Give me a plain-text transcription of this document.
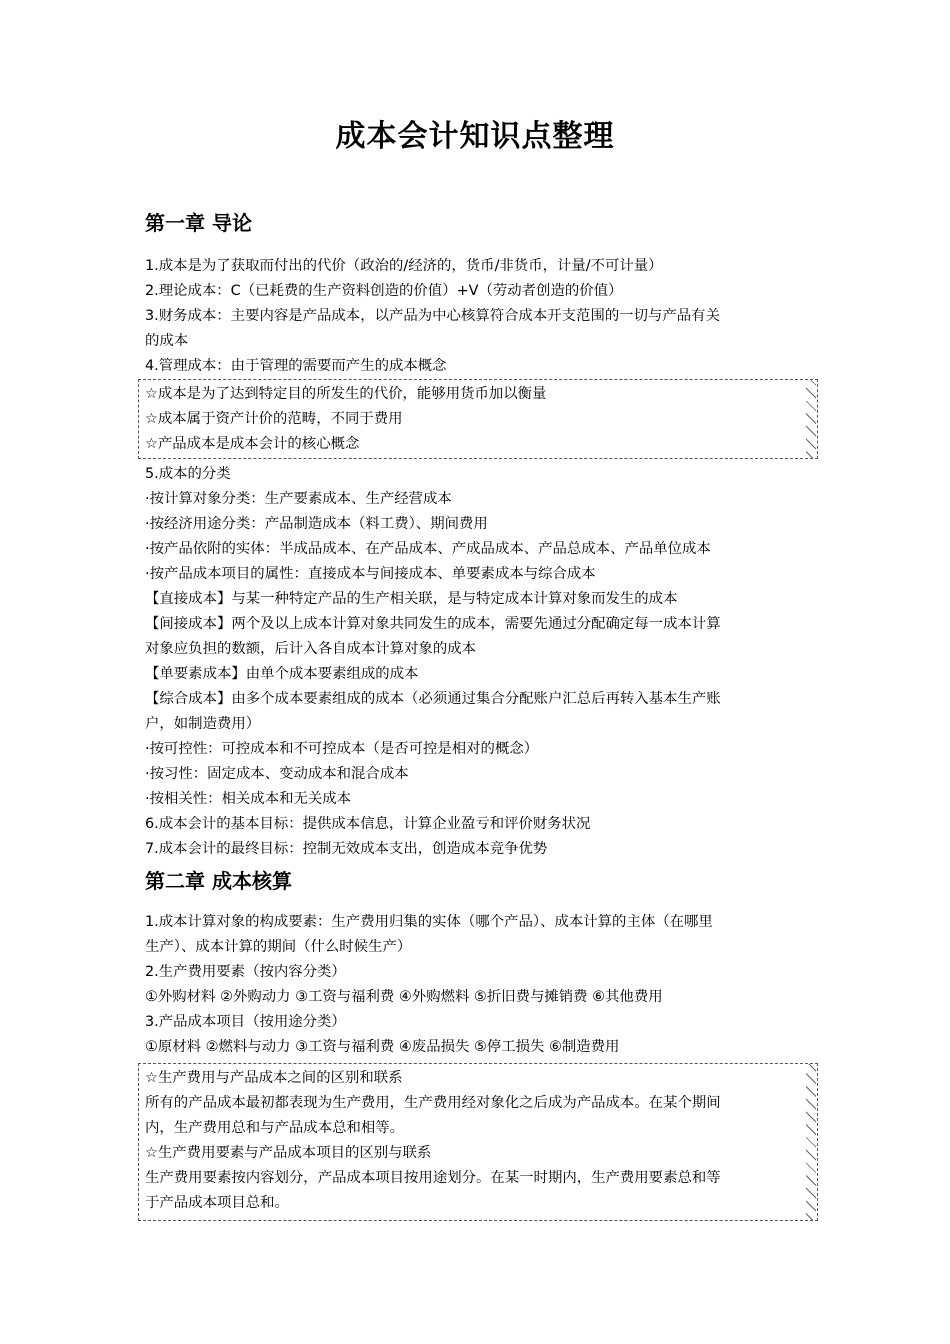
成本会计知识点整理
第一章 导论

1.成本是为了获取而付出的代价（政治的/经济的，货币/非货币，计量/不可计量）

2.理论成本：C（已耗费的生产资料创造的价值）+V（劳动者创造的价值）

3.财务成本：主要内容是产品成本，以产品为中心核算符合成本开支范围的一切与产品有关

的成本

4.管理成本：由于管理的需要而产生的成本概念

☆成本是为了达到特定目的所发生的代价，能够用货币加以衡量

☆成本属于资产计价的范畴，不同于费用

☆产品成本是成本会计的核心概念

5.成本的分类

·按计算对象分类：生产要素成本、生产经营成本

·按经济用途分类：产品制造成本（料工费）、期间费用

·按产品依附的实体：半成品成本、在产品成本、产成品成本、产品总成本、产品单位成本

·按产品成本项目的属性：直接成本与间接成本、单要素成本与综合成本

【直接成本】与某一种特定产品的生产相关联，是与特定成本计算对象而发生的成本

【间接成本】两个及以上成本计算对象共同发生的成本，需要先通过分配确定每一成本计算

对象应负担的数额，后计入各自成本计算对象的成本

【单要素成本】由单个成本要素组成的成本

【综合成本】由多个成本要素组成的成本（必须通过集合分配账户汇总后再转入基本生产账

户，如制造费用）

·按可控性：可控成本和不可控成本（是否可控是相对的概念）

·按习性：固定成本、变动成本和混合成本

·按相关性：相关成本和无关成本

6.成本会计的基本目标：提供成本信息，计算企业盈亏和评价财务状况

7.成本会计的最终目标：控制无效成本支出，创造成本竞争优势

第二章 成本核算

1.成本计算对象的构成要素：生产费用归集的实体（哪个产品）、成本计算的主体（在哪里

生产）、成本计算的期间（什么时候生产）

2.生产费用要素（按内容分类）

①外购材料 ②外购动力 ③工资与福利费 ④外购燃料 ⑤折旧费与摊销费 ⑥其他费用

3.产品成本项目（按用途分类）

①原材料 ②燃料与动力 ③工资与福利费 ④废品损失 ⑤停工损失 ⑥制造费用

☆生产费用与产品成本之间的区别和联系

所有的产品成本最初都表现为生产费用，生产费用经对象化之后成为产品成本。在某个期间

内，生产费用总和与产品成本总和相等。

☆生产费用要素与产品成本项目的区别与联系

生产费用要素按内容划分，产品成本项目按用途划分。在某一时期内，生产费用要素总和等

于产品成本项目总和。
